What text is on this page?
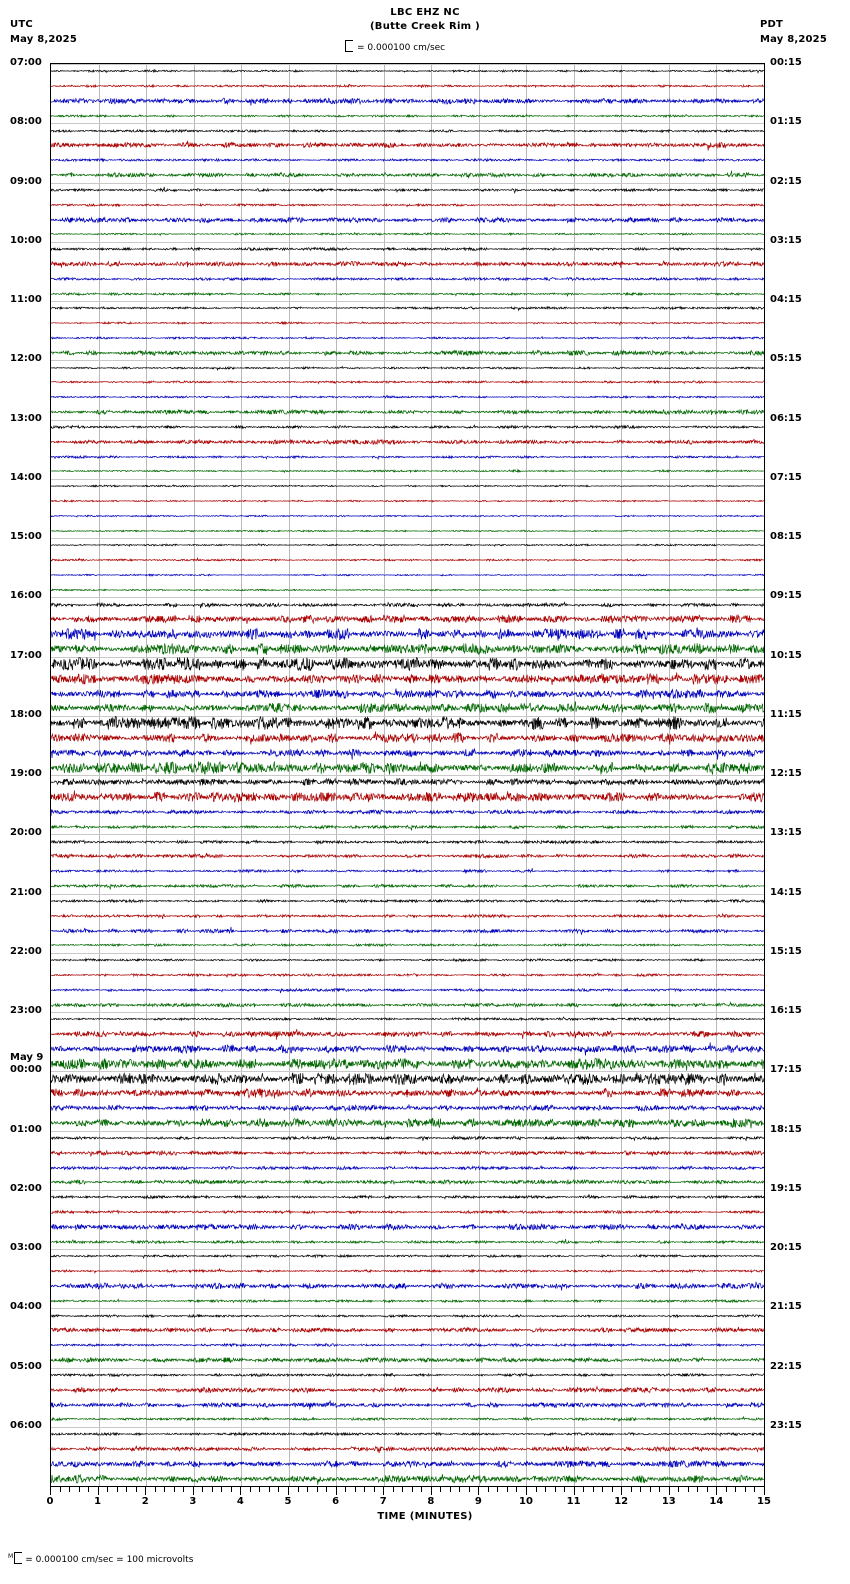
UTC
May 8,2025
LBC EHZ NC
(Butte Creek Rim )
= 0.000100 cm/sec
PDT
May 8,2025
07:00	00:15
08:00	01:15
09:00	02:15
10:00	03:15
11:00	04:15
12:00	05:15
13:00	06:15
14:00	07:15
15:00	08:15
16:00	09:15
17:00	10:15
18:00	11:15
19:00	12:15
20:00	13:15
21:00	14:15
22:00	15:15
23:00	16:15
00:00	17:15
May 9
01:00	18:15
02:00	19:15
03:00	20:15
04:00	21:15
05:00	22:15
06:00	23:15
0	1	2	3	4	5	6	7	8	9	10	11	12	13	14	15
TIME (MINUTES)
$^M$ = 0.000100 cm/sec = 100 microvolts
